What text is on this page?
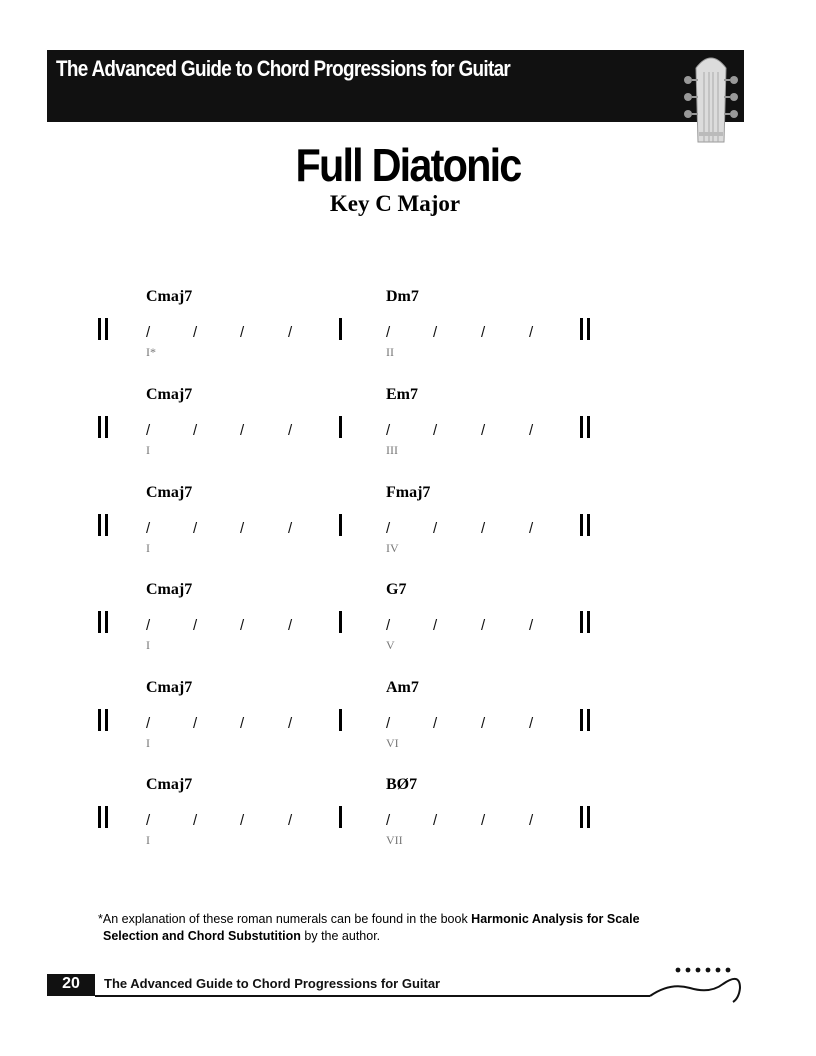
The Advanced Guide to Chord Progressions for Guitar
Full Diatonic
Key C Major
Cmaj7
/	/	/	/
I*
Dm7
/	/	/	/
II
Cmaj7
/	/	/	/
I
Em7
/	/	/	/
III
Cmaj7
/	/	/	/
I
Fmaj7
/	/	/	/
IV
Cmaj7
/	/	/	/
I
G7
/	/	/	/
V
Cmaj7
/	/	/	/
I
Am7
/	/	/	/
VI
Cmaj7
/	/	/	/
I
BØ7
/	/	/	/
VII
*An explanation of these roman numerals can be found in the book Harmonic Analysis for Scale
Selection and Chord Substutition by the author.
20	The Advanced Guide to Chord Progressions for Guitar
